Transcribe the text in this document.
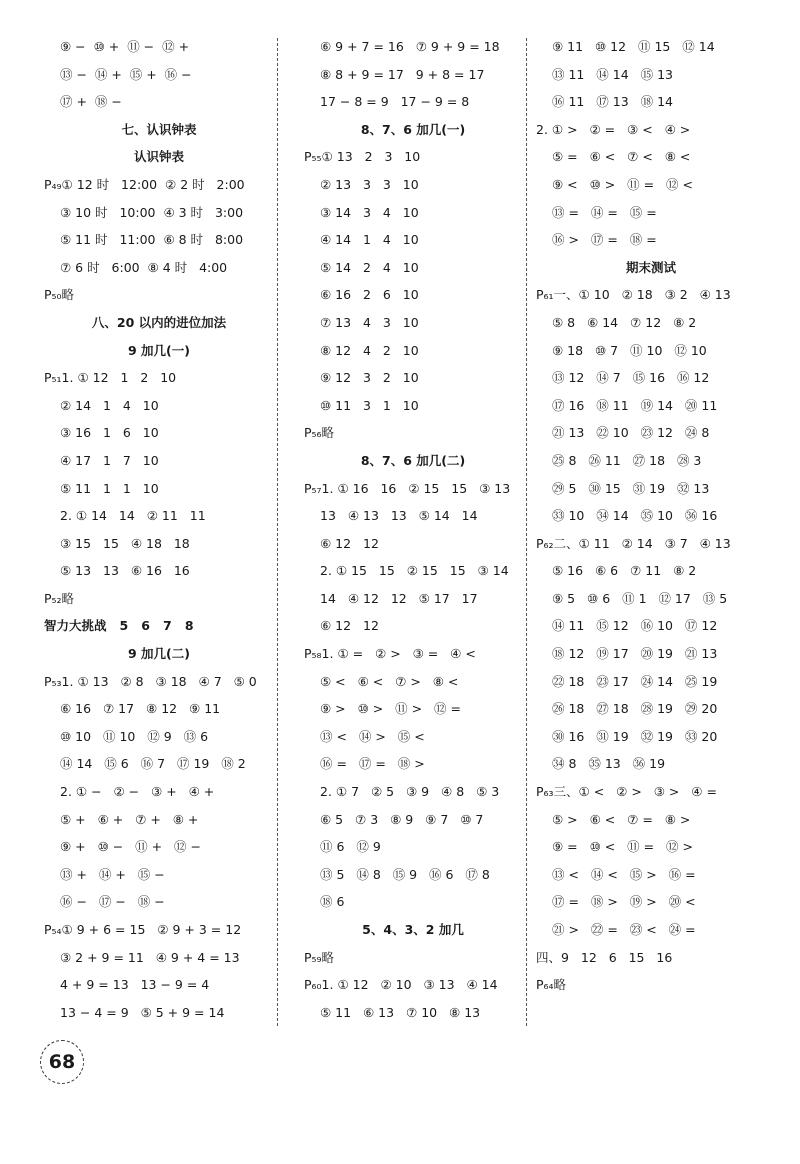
⑨ −  ⑩ +  ⑪ −  ⑫ +
⑬ −  ⑭ +  ⑮ +  ⑯ −
⑰ +  ⑱ −
七、认识钟表
认识钟表
P₄₉① 12 时   12:00  ② 2 时   2:00
③ 10 时   10:00  ④ 3 时   3:00
⑤ 11 时   11:00  ⑥ 8 时   8:00
⑦ 6 时   6:00  ⑧ 4 时   4:00
P₅₀略
八、20 以内的进位加法
9 加几(一)
P₅₁1. ① 12   1   2   10
② 14   1   4   10
③ 16   1   6   10
④ 17   1   7   10
⑤ 11   1   1   10
2. ① 14   14   ② 11   11
③ 15   15   ④ 18   18
⑤ 13   13   ⑥ 16   16
P₅₂略
智力大挑战   5   6   7   8
9 加几(二)
P₅₃1. ① 13   ② 8   ③ 18   ④ 7   ⑤ 0
⑥ 16   ⑦ 17   ⑧ 12   ⑨ 11
⑩ 10   ⑪ 10   ⑫ 9   ⑬ 6
⑭ 14   ⑮ 6   ⑯ 7   ⑰ 19   ⑱ 2
2. ① −   ② −   ③ +   ④ +
⑤ +   ⑥ +   ⑦ +   ⑧ +
⑨ +   ⑩ −   ⑪ +   ⑫ −
⑬ +   ⑭ +   ⑮ −
⑯ −   ⑰ −   ⑱ −
P₅₄① 9 + 6 = 15   ② 9 + 3 = 12
③ 2 + 9 = 11   ④ 9 + 4 = 13
4 + 9 = 13   13 − 9 = 4
13 − 4 = 9   ⑤ 5 + 9 = 14
⑥ 9 + 7 = 16   ⑦ 9 + 9 = 18
⑧ 8 + 9 = 17   9 + 8 = 17
17 − 8 = 9   17 − 9 = 8
8、7、6 加几(一)
P₅₅① 13   2   3   10
② 13   3   3   10
③ 14   3   4   10
④ 14   1   4   10
⑤ 14   2   4   10
⑥ 16   2   6   10
⑦ 13   4   3   10
⑧ 12   4   2   10
⑨ 12   3   2   10
⑩ 11   3   1   10
P₅₆略
8、7、6 加几(二)
P₅₇1. ① 16   16   ② 15   15   ③ 13
13   ④ 13   13   ⑤ 14   14
⑥ 12   12
2. ① 15   15   ② 15   15   ③ 14
14   ④ 12   12   ⑤ 17   17
⑥ 12   12
P₅₈1. ① =   ② >   ③ =   ④ <
⑤ <   ⑥ <   ⑦ >   ⑧ <
⑨ >   ⑩ >   ⑪ >   ⑫ =
⑬ <   ⑭ >   ⑮ <
⑯ =   ⑰ =   ⑱ >
2. ① 7   ② 5   ③ 9   ④ 8   ⑤ 3
⑥ 5   ⑦ 3   ⑧ 9   ⑨ 7   ⑩ 7
⑪ 6   ⑫ 9
⑬ 5   ⑭ 8   ⑮ 9   ⑯ 6   ⑰ 8
⑱ 6
5、4、3、2 加几
P₅₉略
P₆₀1. ① 12   ② 10   ③ 13   ④ 14
⑤ 11   ⑥ 13   ⑦ 10   ⑧ 13
⑨ 11   ⑩ 12   ⑪ 15   ⑫ 14
⑬ 11   ⑭ 14   ⑮ 13
⑯ 11   ⑰ 13   ⑱ 14
2. ① >   ② =   ③ <   ④ >
⑤ =   ⑥ <   ⑦ <   ⑧ <
⑨ <   ⑩ >   ⑪ =   ⑫ <
⑬ =   ⑭ =   ⑮ =
⑯ >   ⑰ =   ⑱ =
期末测试
P₆₁一、① 10   ② 18   ③ 2   ④ 13
⑤ 8   ⑥ 14   ⑦ 12   ⑧ 2
⑨ 18   ⑩ 7   ⑪ 10   ⑫ 10
⑬ 12   ⑭ 7   ⑮ 16   ⑯ 12
⑰ 16   ⑱ 11   ⑲ 14   ⑳ 11
㉑ 13   ㉒ 10   ㉓ 12   ㉔ 8
㉕ 8   ㉖ 11   ㉗ 18   ㉘ 3
㉙ 5   ㉚ 15   ㉛ 19   ㉜ 13
㉝ 10   ㉞ 14   ㉟ 10   ㊱ 16
P₆₂二、① 11   ② 14   ③ 7   ④ 13
⑤ 16   ⑥ 6   ⑦ 11   ⑧ 2
⑨ 5   ⑩ 6   ⑪ 1   ⑫ 17   ⑬ 5
⑭ 11   ⑮ 12   ⑯ 10   ⑰ 12
⑱ 12   ⑲ 17   ⑳ 19   ㉑ 13
㉒ 18   ㉓ 17   ㉔ 14   ㉕ 19
㉖ 18   ㉗ 18   ㉘ 19   ㉙ 20
㉚ 16   ㉛ 19   ㉜ 19   ㉝ 20
㉞ 8   ㉟ 13   ㊱ 19
P₆₃三、① <   ② >   ③ >   ④ =
⑤ >   ⑥ <   ⑦ =   ⑧ >
⑨ =   ⑩ <   ⑪ =   ⑫ >
⑬ <   ⑭ <   ⑮ >   ⑯ =
⑰ =   ⑱ >   ⑲ >   ⑳ <
㉑ >   ㉒ =   ㉓ <   ㉔ =
四、9   12   6   15   16
P₆₄略
68
